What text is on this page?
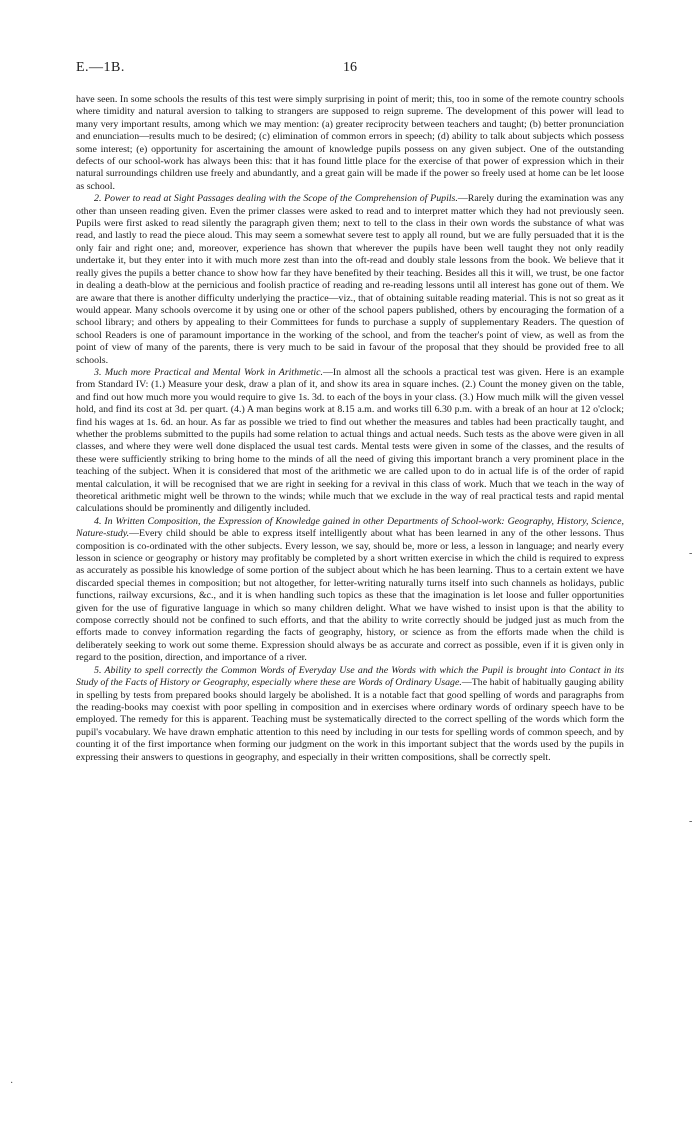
E.—1B.	16

have seen. In some schools the results of this test were simply surprising in point of merit; this, too in some of the remote country schools where timidity and natural aversion to talking to strangers are supposed to reign supreme. The development of this power will lead to many very important results, among which we may mention: (a) greater reciprocity between teachers and taught; (b) better pronunciation and enunciation—results much to be desired; (c) elimination of common errors in speech; (d) ability to talk about subjects which possess some interest; (e) opportunity for ascertaining the amount of knowledge pupils possess on any given subject. One of the outstanding defects of our school-work has always been this: that it has found little place for the exercise of that power of expression which in their natural surroundings children use freely and abundantly, and a great gain will be made if the power so freely used at home can be let loose as school.

2. Power to read at Sight Passages dealing with the Scope of the Comprehension of Pupils.—Rarely during the examination was any other than unseen reading given. Even the primer classes were asked to read and to interpret matter which they had not previously seen. Pupils were first asked to read silently the paragraph given them; next to tell to the class in their own words the substance of what was read, and lastly to read the piece aloud. This may seem a somewhat severe test to apply all round, but we are fully persuaded that it is the only fair and right one; and, moreover, experience has shown that wherever the pupils have been well taught they not only readily undertake it, but they enter into it with much more zest than into the oft-read and doubly stale lessons from the book. We believe that it really gives the pupils a better chance to show how far they have benefited by their teaching. Besides all this it will, we trust, be one factor in dealing a death-blow at the pernicious and foolish practice of reading and re-reading lessons until all interest has gone out of them. We are aware that there is another difficulty underlying the practice—viz., that of obtaining suitable reading material. This is not so great as it would appear. Many schools overcome it by using one or other of the school papers published, others by encouraging the formation of a school library; and others by appealing to their Committees for funds to purchase a supply of supplementary Readers. The question of school Readers is one of paramount importance in the working of the school, and from the teacher's point of view, as well as from the point of view of many of the parents, there is very much to be said in favour of the proposal that they should be provided free to all schools.

3. Much more Practical and Mental Work in Arithmetic.—In almost all the schools a practical test was given. Here is an example from Standard IV: (1.) Measure your desk, draw a plan of it, and show its area in square inches. (2.) Count the money given on the table, and find out how much more you would require to give 1s. 3d. to each of the boys in your class. (3.) How much milk will the given vessel hold, and find its cost at 3d. per quart. (4.) A man begins work at 8.15 a.m. and works till 6.30 p.m. with a break of an hour at 12 o'clock; find his wages at 1s. 6d. an hour. As far as possible we tried to find out whether the measures and tables had been practically taught, and whether the problems submitted to the pupils had some relation to actual things and actual needs. Such tests as the above were given in all classes, and where they were well done displaced the usual test cards. Mental tests were given in some of the classes, and the results of these were sufficiently striking to bring home to the minds of all the need of giving this important branch a very prominent place in the teaching of the subject. When it is considered that most of the arithmetic we are called upon to do in actual life is of the order of rapid mental calculation, it will be recognised that we are right in seeking for a revival in this class of work. Much that we teach in the way of theoretical arithmetic might well be thrown to the winds; while much that we exclude in the way of real practical tests and rapid mental calculations should be prominently and diligently included.

4. In Written Composition, the Expression of Knowledge gained in other Departments of School-work: Geography, History, Science, Nature-study.—Every child should be able to express itself intelligently about what has been learned in any of the other lessons. Thus composition is co-ordinated with the other subjects. Every lesson, we say, should be, more or less, a lesson in language; and nearly every lesson in science or geography or history may profitably be completed by a short written exercise in which the child is required to express as accurately as possible his knowledge of some portion of the subject about which he has been learning. Thus to a certain extent we have discarded special themes in composition; but not altogether, for letter-writing naturally turns itself into such channels as holidays, public functions, railway excursions, &c., and it is when handling such topics as these that the imagination is let loose and fuller opportunities given for the use of figurative language in which so many children delight. What we have wished to insist upon is that the ability to compose correctly should not be confined to such efforts, and that the ability to write correctly should be judged just as much from the efforts made to convey information regarding the facts of geography, history, or science as from the efforts made when the child is deliberately seeking to work out some theme. Expression should always be as accurate and correct as possible, even if it is given only in regard to the position, direction, and importance of a river.

5. Ability to spell correctly the Common Words of Everyday Use and the Words with which the Pupil is brought into Contact in its Study of the Facts of History or Geography, especially where these are Words of Ordinary Usage.—The habit of habitually gauging ability in spelling by tests from prepared books should largely be abolished. It is a notable fact that good spelling of words and paragraphs from the reading-books may coexist with poor spelling in composition and in exercises where ordinary words of ordinary speech have to be employed. The remedy for this is apparent. Teaching must be systematically directed to the correct spelling of the words which form the pupil's vocabulary. We have drawn emphatic attention to this need by including in our tests for spelling words of common speech, and by counting it of the first importance when forming our judgment on the work in this important subject that the words used by the pupils in expressing their answers to questions in geography, and especially in their written compositions, shall be correctly spelt.

-
‑
·
